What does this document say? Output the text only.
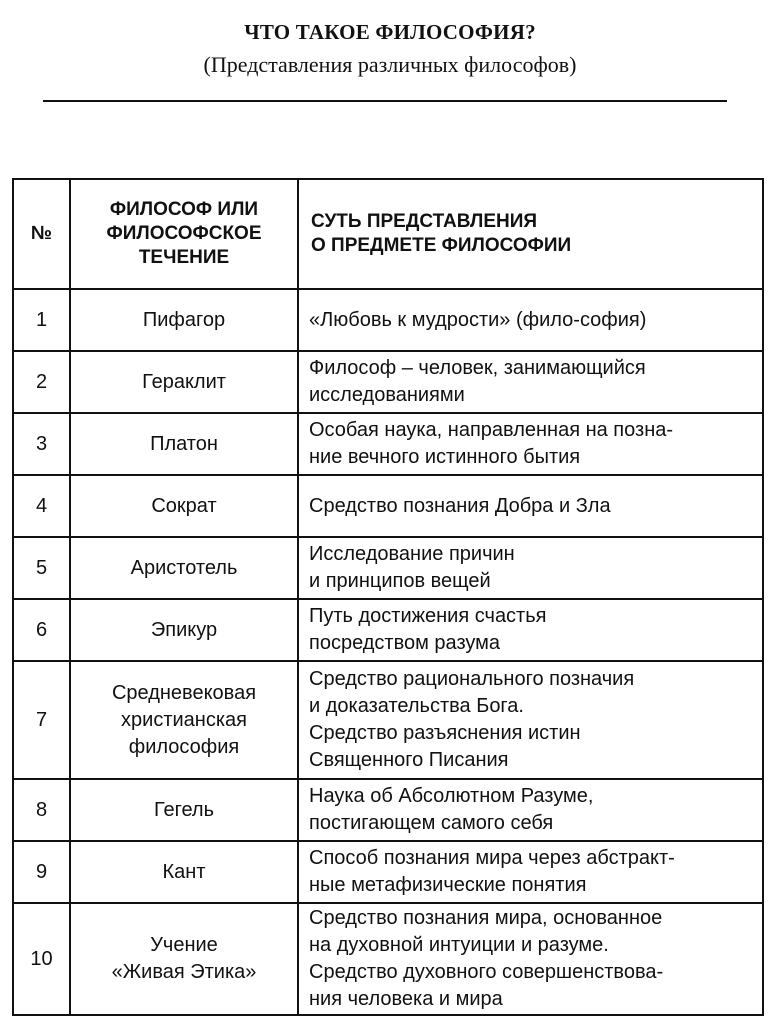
ЧТО ТАКОЕ ФИЛОСОФИЯ?
(Представления различных философов)
№	ФИЛОСОФ ИЛИ
ФИЛОСОФСКОЕ
ТЕЧЕНИЕ	СУТЬ ПРЕДСТАВЛЕНИЯ
О ПРЕДМЕТЕ ФИЛОСОФИИ

1	Пифагор	«Любовь к мудрости» (фило-софия)

2	Гераклит	Философ – человек, занимающийся
исследованиями

3	Платон	Особая наука, направленная на позна-
ние вечного истинного бытия

4	Сократ	Средство познания Добра и Зла

5	Аристотель	Исследование причин
и принципов вещей

6	Эпикур	Путь достижения счастья
посредством разума

7	Средневековая
христианская
философия	Средство рационального позначия
и доказательства Бога.
Средство разъяснения истин
Священного Писания

8	Гегель	Наука об Абсолютном Разуме,
постигающем самого себя

9	Кант	Способ познания мира через абстракт-
ные метафизические понятия

10	Учение
«Живая Этика»	Средство познания мира, основанное
на духовной интуиции и разуме.
Средство духовного совершенствова-
ния человека и мира
